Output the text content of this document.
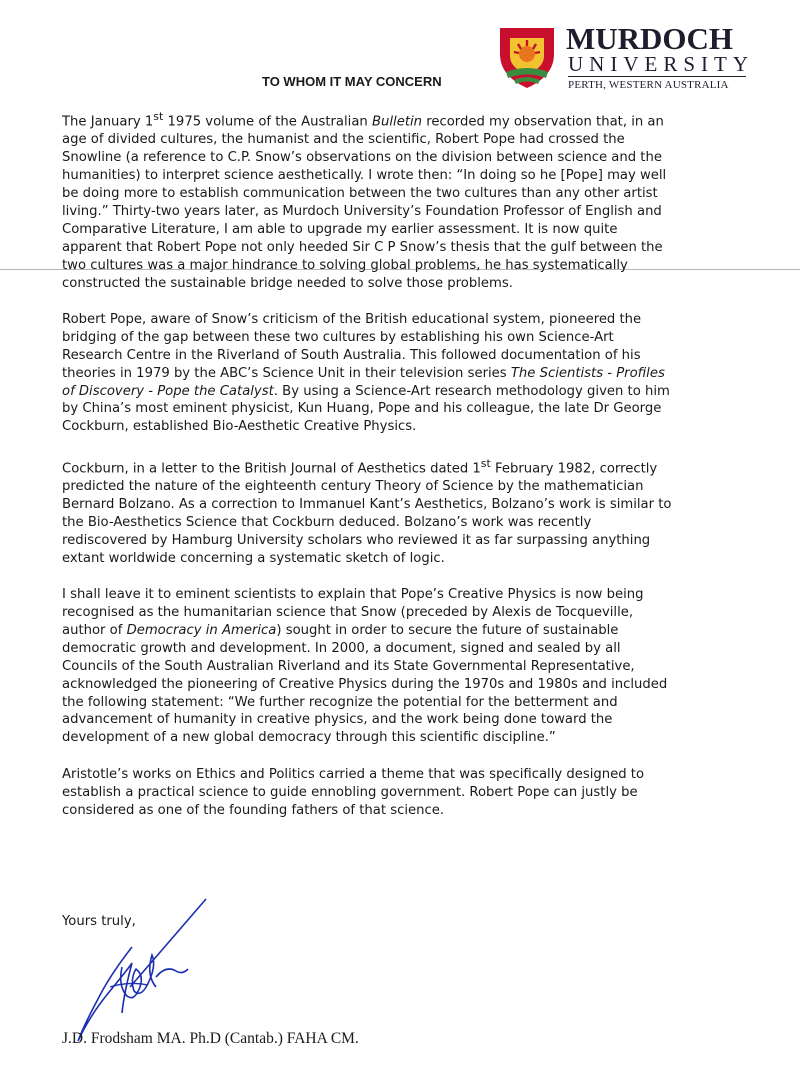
MURDOCH
UNIVERSITY
PERTH, WESTERN AUSTRALIA
TO WHOM IT MAY CONCERN

The January 1st 1975 volume of the Australian Bulletin recorded my observation that, in an age of divided cultures, the humanist and the scientific, Robert Pope had crossed the Snowline (a reference to C.P. Snow’s observations on the division between science and the humanities) to interpret science aesthetically. I wrote then: “In doing so he [Pope] may well be doing more to establish communication between the two cultures than any other artist living.” Thirty-two years later, as Murdoch University’s Foundation Professor of English and Comparative Literature, I am able to upgrade my earlier assessment. It is now quite apparent that Robert Pope not only heeded Sir C P Snow’s thesis that the gulf between the two cultures was a major hindrance to solving global problems, he has systematically constructed the sustainable bridge needed to solve those problems.

Robert Pope, aware of Snow’s criticism of the British educational system, pioneered the bridging of the gap between these two cultures by establishing his own Science-Art Research Centre in the Riverland of South Australia. This followed documentation of his theories in 1979 by the ABC’s Science Unit in their television series The Scientists - Profiles of Discovery - Pope the Catalyst. By using a Science-Art research methodology given to him by China’s most eminent physicist, Kun Huang, Pope and his colleague, the late Dr George Cockburn, established Bio-Aesthetic Creative Physics.

Cockburn, in a letter to the British Journal of Aesthetics dated 1st February 1982, correctly predicted the nature of the eighteenth century Theory of Science by the mathematician Bernard Bolzano. As a correction to Immanuel Kant’s Aesthetics, Bolzano’s work is similar to the Bio-Aesthetics Science that Cockburn deduced. Bolzano’s work was recently rediscovered by Hamburg University scholars who reviewed it as far surpassing anything extant worldwide concerning a systematic sketch of logic.

I shall leave it to eminent scientists to explain that Pope’s Creative Physics is now being recognised as the humanitarian science that Snow (preceded by Alexis de Tocqueville, author of Democracy in America) sought in order to secure the future of sustainable democratic growth and development. In 2000, a document, signed and sealed by all Councils of the South Australian Riverland and its State Governmental Representative, acknowledged the pioneering of Creative Physics during the 1970s and 1980s and included the following statement: “We further recognize the potential for the betterment and advancement of humanity in creative physics, and the work being done toward the development of a new global democracy through this scientific discipline.”

Aristotle’s works on Ethics and Politics carried a theme that was specifically designed to establish a practical science to guide ennobling government. Robert Pope can justly be considered as one of the founding fathers of that science.

Yours truly,
J.D. Frodsham MA. Ph.D (Cantab.) FAHA CM.
